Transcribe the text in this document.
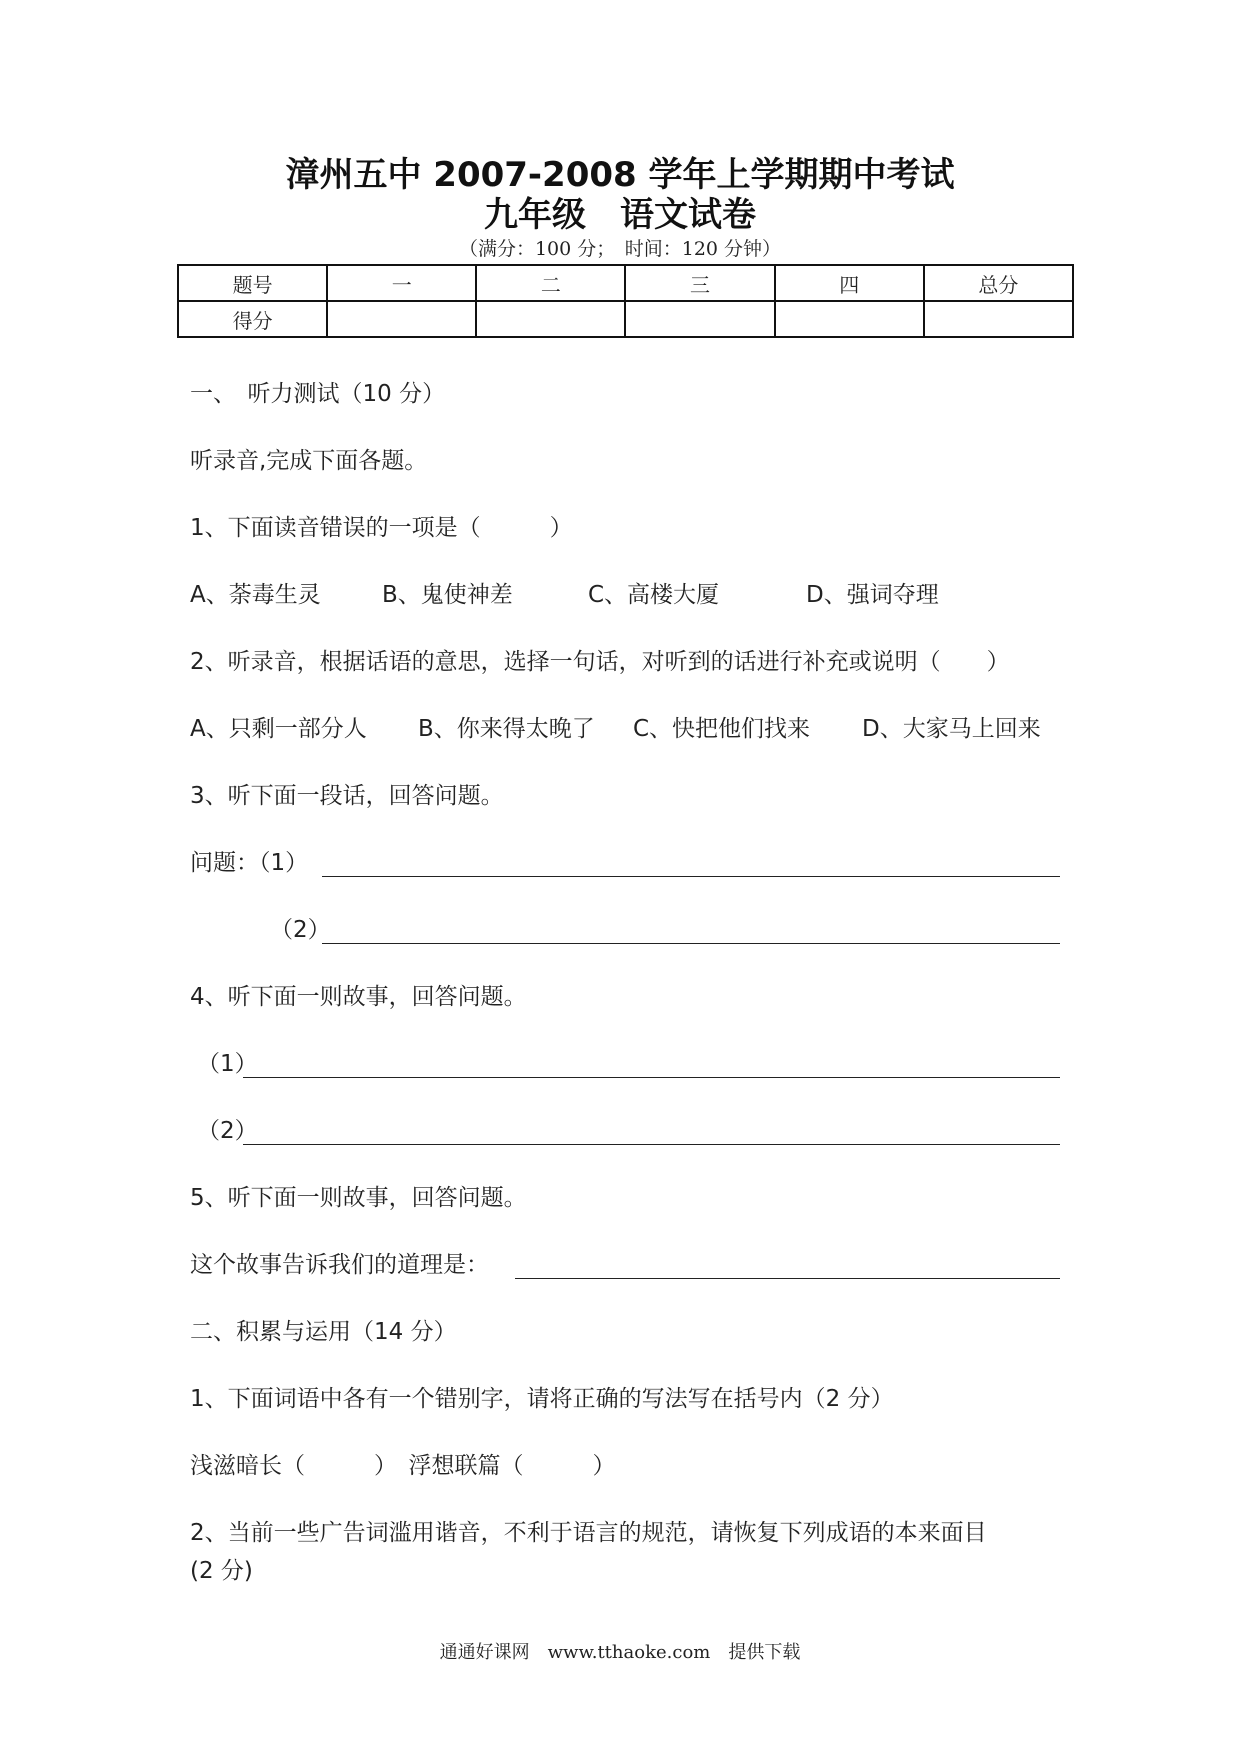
漳州五中 2007-2008 学年上学期期中考试
九年级　语文试卷
（满分：100 分；　时间：120 分钟）
题号	一	二	三	四	总分
得分					
一、　听力测试（10 分）
听录音,完成下面各题。
1、下面读音错误的一项是（　　　）
A、荼毒生灵	B、鬼使神差	C、高楼大厦	D、强词夺理
2、听录音，根据话语的意思，选择一句话，对听到的话进行补充或说明（　　）
A、只剩一部分人 B、你来得太晚了 C、快把他们找来 D、大家马上回来
3、听下面一段话，回答问题。
问题：（1）
（2）
4、听下面一则故事，回答问题。
（1）
（2）
5、听下面一则故事，回答问题。
这个故事告诉我们的道理是：
二、积累与运用（14 分）
1、下面词语中各有一个错别字，请将正确的写法写在括号内（2 分）
浅滋暗长（　　　）　浮想联篇（　　　）
2、当前一些广告词滥用谐音，不利于语言的规范，请恢复下列成语的本来面目
(2 分)
通通好课网　www.tthaoke.com　提供下载
